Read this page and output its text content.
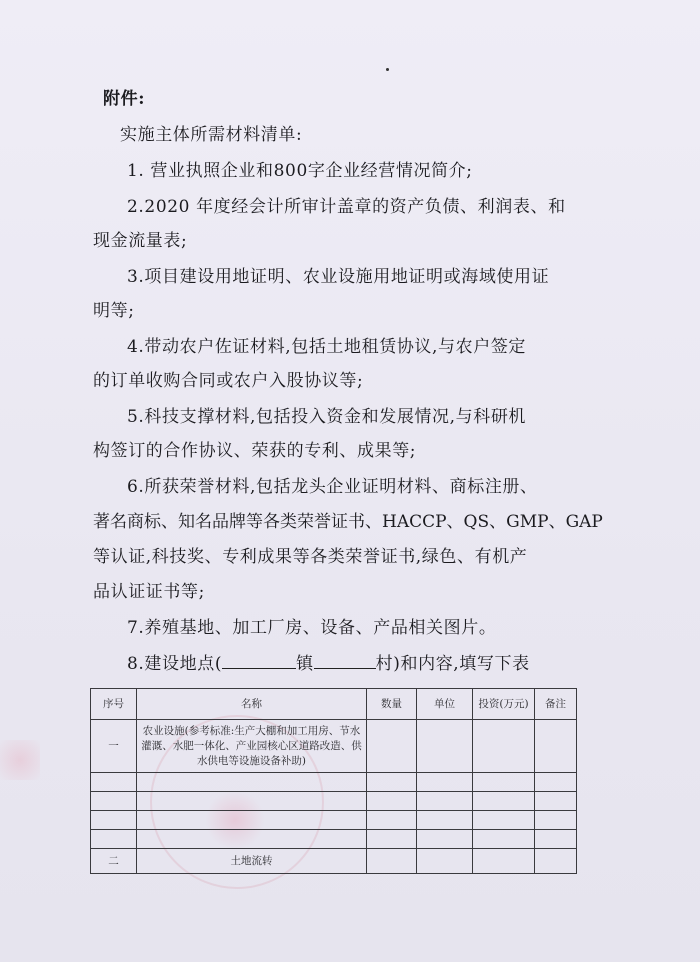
附件:
实施主体所需材料清单:
1. 营业执照企业和800字企业经营情况简介;
2.2020 年度经会计所审计盖章的资产负债、利润表、和
现金流量表;
3.项目建设用地证明、农业设施用地证明或海域使用证
明等;
4.带动农户佐证材料,包括土地租赁协议,与农户签定
的订单收购合同或农户入股协议等;
5.科技支撑材料,包括投入资金和发展情况,与科研机
构签订的合作协议、荣获的专利、成果等;
6.所获荣誉材料,包括龙头企业证明材料、商标注册、
著名商标、知名品牌等各类荣誉证书、HACCP、QS、GMP、GAP
等认证,科技奖、专利成果等各类荣誉证书,绿色、有机产
品认证证书等;
7.养殖基地、加工厂房、设备、产品相关图片。
8.建设地点(	镇	村)和内容,填写下表
序号	名称	数量	单位	投资(万元)	备注
一	农业设施(参考标准:生产大棚和加工用房、节水灌溉、水肥一体化、产业园核心区道路改造、供水供电等设施设备补助)				

二	土地流转				
